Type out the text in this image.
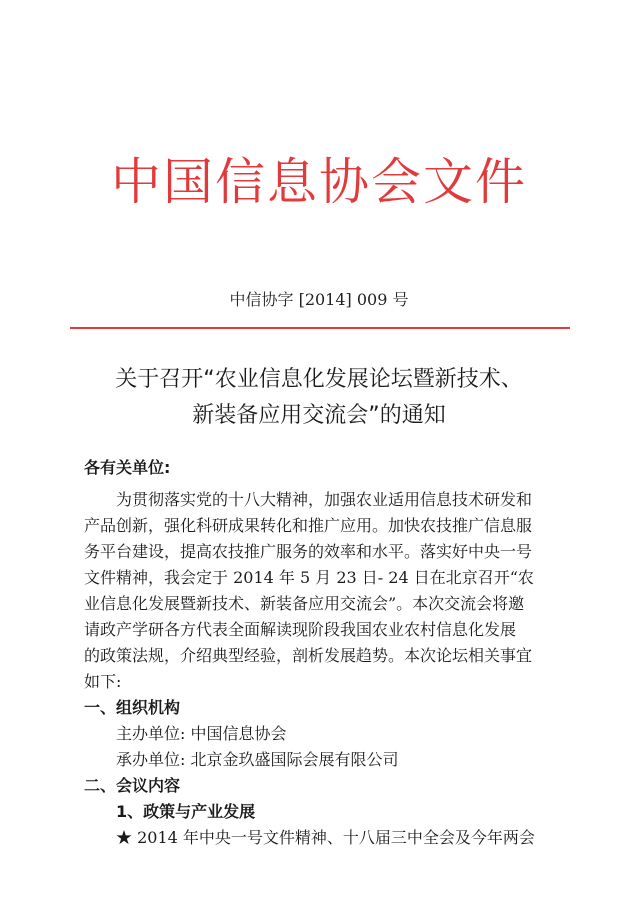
中国信息协会文件
中信协字 [2014] 009 号
关于召开“农业信息化发展论坛暨新技术、
新装备应用交流会”的通知
各有关单位:
为贯彻落实党的十八大精神，加强农业适用信息技术研发和
产品创新，强化科研成果转化和推广应用。加快农技推广信息服
务平台建设，提高农技推广服务的效率和水平。落实好中央一号
文件精神，我会定于 2014 年 5 月 23 日- 24 日在北京召开“农
业信息化发展暨新技术、新装备应用交流会”。本次交流会将邀
请政产学研各方代表全面解读现阶段我国农业农村信息化发展
的政策法规，介绍典型经验，剖析发展趋势。本次论坛相关事宜
如下:
一、组织机构
主办单位: 中国信息协会
承办单位: 北京金玖盛国际会展有限公司
二、会议内容
1、政策与产业发展
★ 2014 年中央一号文件精神、十八届三中全会及今年两会
